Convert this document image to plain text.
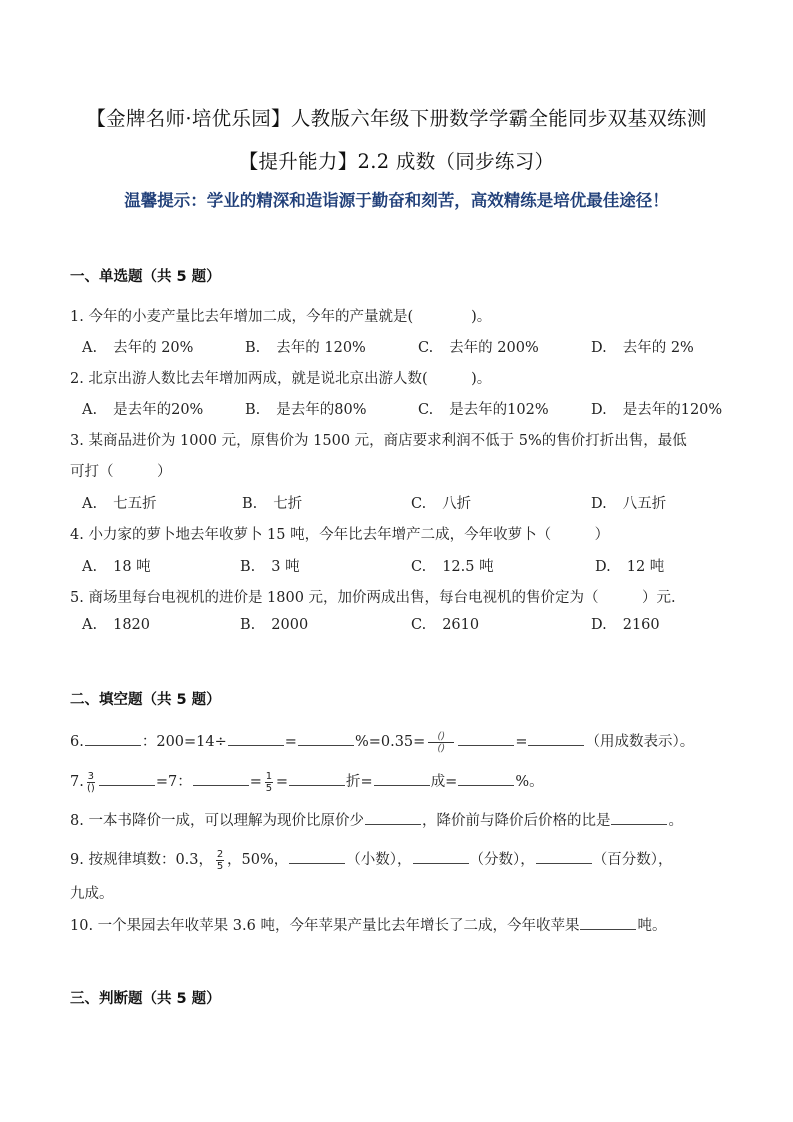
【金牌名师·培优乐园】人教版六年级下册数学学霸全能同步双基双练测
【提升能力】2.2 成数（同步练习）
温馨提示：学业的精深和造诣源于勤奋和刻苦，高效精练是培优最佳途径！
一、单选题（共 5 题）
1. 今年的小麦产量比去年增加二成，今年的产量就是(　　　　)。
A. 去年的 20%	B. 去年的 120%	C. 去年的 200%	D. 去年的 2%
2. 北京出游人数比去年增加两成，就是说北京出游人数(　　　)。
A. 是去年的20%	B. 是去年的80%	C. 是去年的102%	D. 是去年的120%
3. 某商品进价为 1000 元，原售价为 1500 元，商店要求利润不低于 5%的售价打折出售，最低
可打（　　　）
A. 七五折	B. 七折	C. 八折	D. 八五折
4. 小力家的萝卜地去年收萝卜 15 吨，今年比去年增产二成，今年收萝卜（　　　）
A. 18 吨	B. 3 吨	C. 12.5 吨	D. 12 吨
5. 商场里每台电视机的进价是 1800 元，加价两成出售，每台电视机的售价定为（　　　）元.
A. 1820	B. 2000	C. 2610	D. 2160
二、填空题（共 5 题）
6.	：200=14÷	=	$\%=0.35= \frac{()}{()}$	=	（用成数表示）。
7. $\frac{3}{()}$	=7：	= $\frac{1}{5}$ =	折=	成=	%。
8. 一本书降价一成，可以理解为现价比原价少	，降价前与降价后价格的比是	。
9. 按规律填数：0.3， $\frac{2}{5}$ ，50%，	（小数），	（分数），	（百分数），
九成。
10. 一个果园去年收苹果 3.6 吨，今年苹果产量比去年增长了二成，今年收苹果	吨。
三、判断题（共 5 题）
